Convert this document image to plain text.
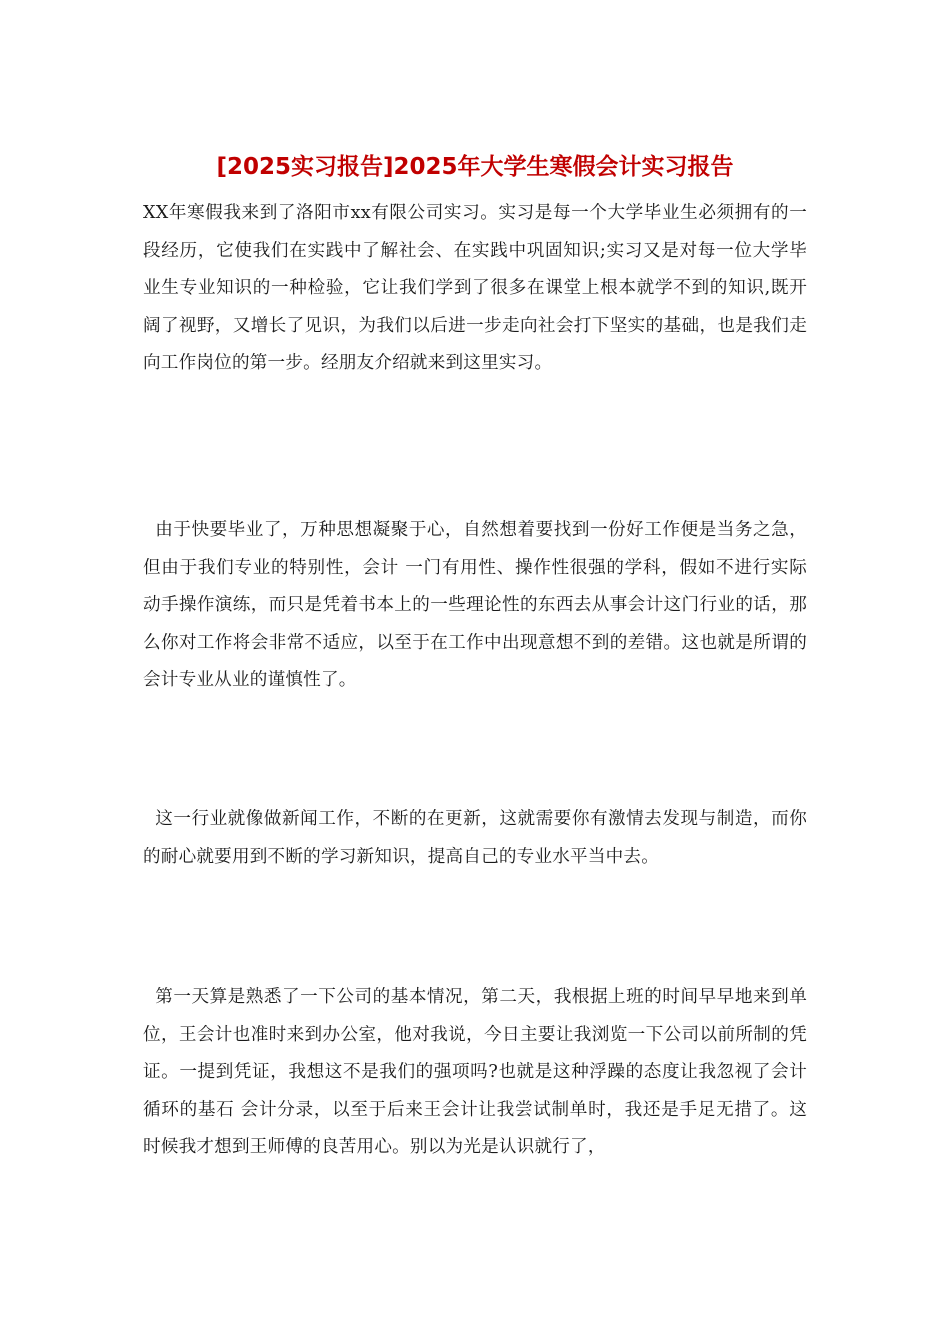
[2025实习报告]2025年大学生寒假会计实习报告

XX年寒假我来到了洛阳市xx有限公司实习。实习是每一个大学毕业生必须拥有的一段经历，它使我们在实践中了解社会、在实践中巩固知识;实习又是对每一位大学毕业生专业知识的一种检验，它让我们学到了很多在课堂上根本就学不到的知识,既开阔了视野，又增长了见识，为我们以后进一步走向社会打下坚实的基础，也是我们走向工作岗位的第一步。经朋友介绍就来到这里实习。

由于快要毕业了，万种思想凝聚于心，自然想着要找到一份好工作便是当务之急，但由于我们专业的特别性，会计 一门有用性、操作性很强的学科，假如不进行实际动手操作演练，而只是凭着书本上的一些理论性的东西去从事会计这门行业的话，那么你对工作将会非常不适应，以至于在工作中出现意想不到的差错。这也就是所谓的会计专业从业的谨慎性了。

这一行业就像做新闻工作，不断的在更新，这就需要你有激情去发现与制造，而你的耐心就要用到不断的学习新知识，提高自己的专业水平当中去。

第一天算是熟悉了一下公司的基本情况，第二天，我根据上班的时间早早地来到单位，王会计也准时来到办公室，他对我说，今日主要让我浏览一下公司以前所制的凭证。一提到凭证，我想这不是我们的强项吗?也就是这种浮躁的态度让我忽视了会计循环的基石 会计分录，以至于后来王会计让我尝试制单时，我还是手足无措了。这时候我才想到王师傅的良苦用心。别以为光是认识就行了，
